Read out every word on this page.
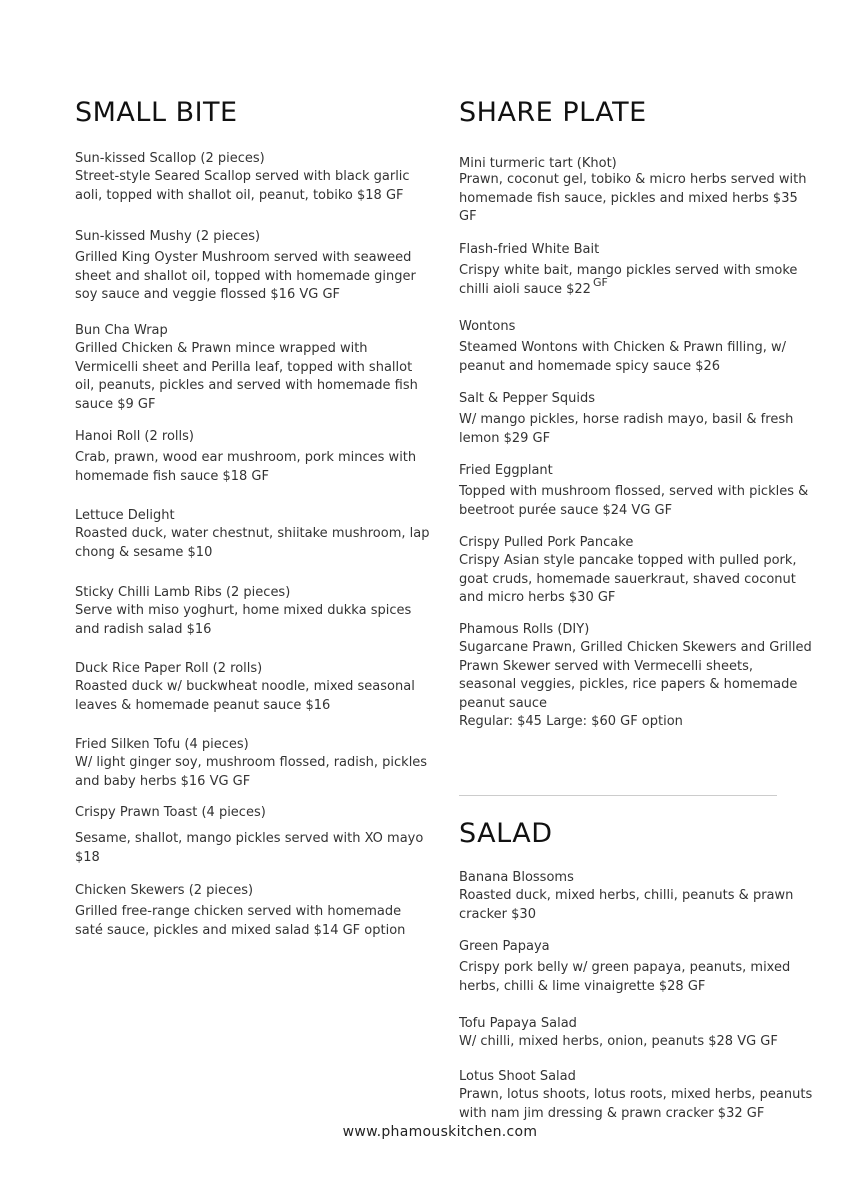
SMALL BITE
Sun-kissed Scallop (2 pieces)
Street-style Seared Scallop served with black garlic aoli, topped with shallot oil, peanut, tobiko $18 GF
Sun-kissed Mushy (2 pieces)
Grilled King Oyster Mushroom served with seaweed sheet and shallot oil, topped with homemade ginger soy sauce and veggie flossed $16 VG GF
Bun Cha Wrap
Grilled Chicken & Prawn mince wrapped with Vermicelli sheet and Perilla leaf, topped with shallot oil, peanuts, pickles and served with homemade fish sauce $9 GF
Hanoi Roll (2 rolls)
Crab, prawn, wood ear mushroom, pork minces with homemade fish sauce $18 GF
Lettuce Delight
Roasted duck, water chestnut, shiitake mushroom, lap chong & sesame $10
Sticky Chilli Lamb Ribs (2 pieces)
Serve with miso yoghurt, home mixed dukka spices and radish salad $16
Duck Rice Paper Roll (2 rolls)
Roasted duck w/ buckwheat noodle, mixed seasonal leaves & homemade peanut sauce $16
Fried Silken Tofu (4 pieces)
W/ light ginger soy, mushroom flossed, radish, pickles and baby herbs $16 VG GF
Crispy Prawn Toast (4 pieces)
Sesame, shallot, mango pickles served with XO mayo $18
Chicken Skewers (2 pieces)
Grilled free-range chicken served with homemade saté sauce, pickles and mixed salad $14 GF option
SHARE PLATE
Mini turmeric tart (Khot)
Prawn, coconut gel, tobiko & micro herbs served with homemade fish sauce, pickles and mixed herbs $35 GF
Flash-fried White Bait
Crispy white bait, mango pickles served with smoke chilli aioli sauce $22 $^{GF}$
Wontons
Steamed Wontons with Chicken & Prawn filling, w/ peanut and homemade spicy sauce $26
Salt & Pepper Squids
W/ mango pickles, horse radish mayo, basil & fresh lemon $29 GF
Fried Eggplant
Topped with mushroom flossed, served with pickles & beetroot purée sauce $24 VG GF
Crispy Pulled Pork Pancake
Crispy Asian style pancake topped with pulled pork, goat cruds, homemade sauerkraut, shaved coconut and micro herbs $30 GF
Phamous Rolls (DIY)
Sugarcane Prawn, Grilled Chicken Skewers and Grilled Prawn Skewer served with Vermecelli sheets, seasonal veggies, pickles, rice papers & homemade peanut sauce
Regular: $45 Large: $60 GF option
SALAD
Banana Blossoms
Roasted duck, mixed herbs, chilli, peanuts & prawn cracker $30
Green Papaya
Crispy pork belly w/ green papaya, peanuts, mixed herbs, chilli & lime vinaigrette $28 GF
Tofu Papaya Salad
W/ chilli, mixed herbs, onion, peanuts $28 VG GF
Lotus Shoot Salad
Prawn, lotus shoots, lotus roots, mixed herbs, peanuts with nam jim dressing & prawn cracker $32 GF
www.phamouskitchen.com
